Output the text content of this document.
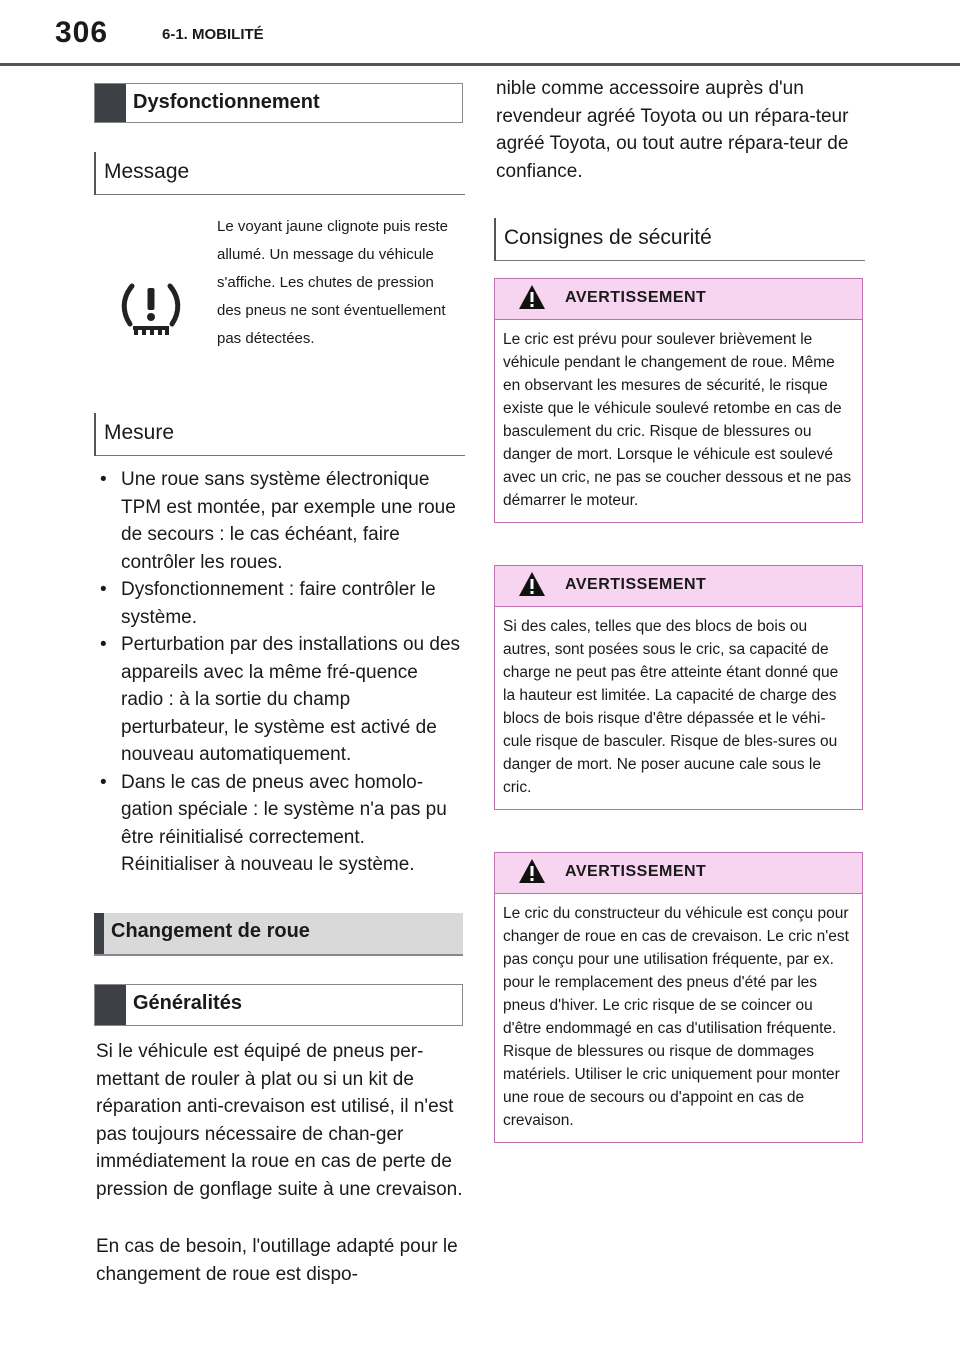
306	6-1. MOBILITÉ
Dysfonctionnement
Message
Le voyant jaune clignote puis reste allumé. Un message du véhicule s'affiche. Les chutes de pression des pneus ne sont éventuellement pas détectées.
Mesure
• Une roue sans système électronique TPM est montée, par exemple une roue de secours : le cas échéant, faire contrôler les roues.
• Dysfonctionnement : faire contrôler le système.
• Perturbation par des installations ou des appareils avec la même fré-quence radio : à la sortie du champ perturbateur, le système est activé de nouveau automatiquement.
• Dans le cas de pneus avec homolo-gation spéciale : le système n'a pas pu être réinitialisé correctement. Réinitialiser à nouveau le système.
Changement de roue
Généralités
Si le véhicule est équipé de pneus per-mettant de rouler à plat ou si un kit de réparation anti-crevaison est utilisé, il n'est pas toujours nécessaire de chan-ger immédiatement la roue en cas de perte de pression de gonflage suite à une crevaison.
En cas de besoin, l'outillage adapté pour le changement de roue est dispo-
nible comme accessoire auprès d'un revendeur agréé Toyota ou un répara-teur agréé Toyota, ou tout autre répara-teur de confiance.
Consignes de sécurité
AVERTISSEMENT
Le cric est prévu pour soulever brièvement le véhicule pendant le changement de roue. Même en observant les mesures de sécurité, le risque existe que le véhicule soulevé retombe en cas de basculement du cric. Risque de blessures ou danger de mort. Lorsque le véhicule est soulevé avec un cric, ne pas se coucher dessous et ne pas démarrer le moteur.
AVERTISSEMENT
Si des cales, telles que des blocs de bois ou autres, sont posées sous le cric, sa capacité de charge ne peut pas être atteinte étant donné que la hauteur est limitée. La capacité de charge des blocs de bois risque d'être dépassée et le véhi-cule risque de basculer. Risque de bles-sures ou danger de mort. Ne poser aucune cale sous le cric.
AVERTISSEMENT
Le cric du constructeur du véhicule est conçu pour changer de roue en cas de crevaison. Le cric n'est pas conçu pour une utilisation fréquente, par ex. pour le remplacement des pneus d'été par les pneus d'hiver. Le cric risque de se coincer ou d'être endommagé en cas d'utilisation fréquente. Risque de blessures ou risque de dommages matériels. Utiliser le cric uniquement pour monter une roue de secours ou d'appoint en cas de crevaison.
